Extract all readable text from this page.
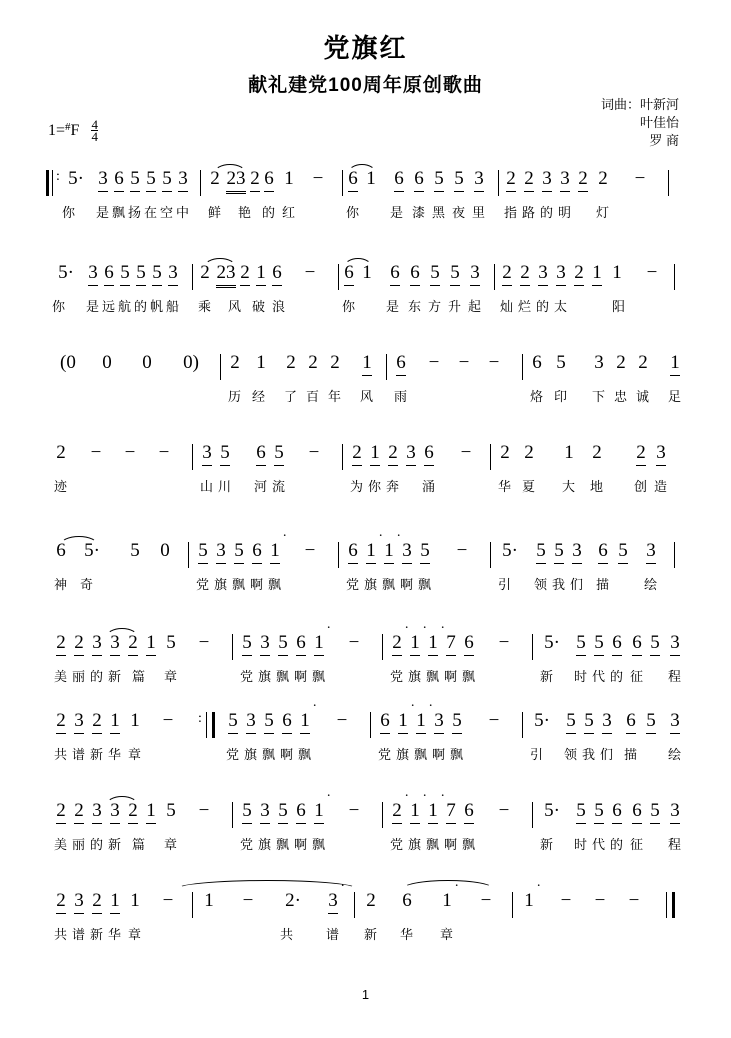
党旗红
献礼建党100周年原创歌曲
词曲：叶新河
叶佳怡
罗 商
$1=^{\#}F \frac{4}{4}$
: 5· 3 6 5 5 5 3 2 23 2 6 1 − 6 1 6 6 5 5 3 2 2 3 3 2 2 −
你 是 飘 扬 在 空 中 鲜 艳 的 红	你 是 漆 黑 夜 里 指 路 的 明 灯
5· 3 6 5 5 5 3 2 23 2 1 6 − 6 1 6 6 5 5 3 2 2 3 3 2 1 1 −
你 是 远 航 的 帆 船 乘 风 破 浪	你 是 东 方 升 起 灿 烂 的 太	阳
(0 0 0 0) 2 1 2 2 2 1 6 − − − 6 5 3 2 2 1
历 经 了 百 年 风 雨	烙 印 下 忠 诚 足
2 − − − 3 5 6 5 − 2 1 2 3 6 − 2 2 1 2 2 3
迹	山 川 河 流	为 你 奔 涌	华 夏 大 地 创 造
6 5· 5 0 5 3 5 6 1
·
− 6 1
·
1
·
3 5 − 5· 5 5 3 6 5 3
神 奇	党 旗 飘 啊 飘	党 旗 飘 啊 飘	引 领 我 们 描	绘
2 2 3 3 2 1 5 − 5 3 5 6 1
·
− 2
·
1
·
1
·
7 6 − 5· 5 5 6 6 5 3
美 丽 的 新 篇 章	党 旗 飘 啊 飘	党 旗 飘 啊 飘	新 时 代 的 征 程
2 3 2 1 1 − : 5 3 5 6 1
·
− 6 1
·
1
·
3 5 − 5· 5 5 3 6 5 3
共 谱 新 华 章	党 旗 飘 啊 飘	党 旗 飘 啊 飘	引 领 我 们 描 绘
2 2 3 3 2 1 5 − 5 3 5 6 1
·
− 2
·
1
·
1
·
7 6 − 5· 5 5 6 6 5 3
美 丽 的 新 篇 章	党 旗 飘 啊 飘	党 旗 飘 啊 飘	新 时 代 的 征 程
2 3 2 1 1 − 1 − 2· 3
·
2 6 1
·
− 1
·
− − −
共 谱 新 华 章	共	谱 新 华 章
1
